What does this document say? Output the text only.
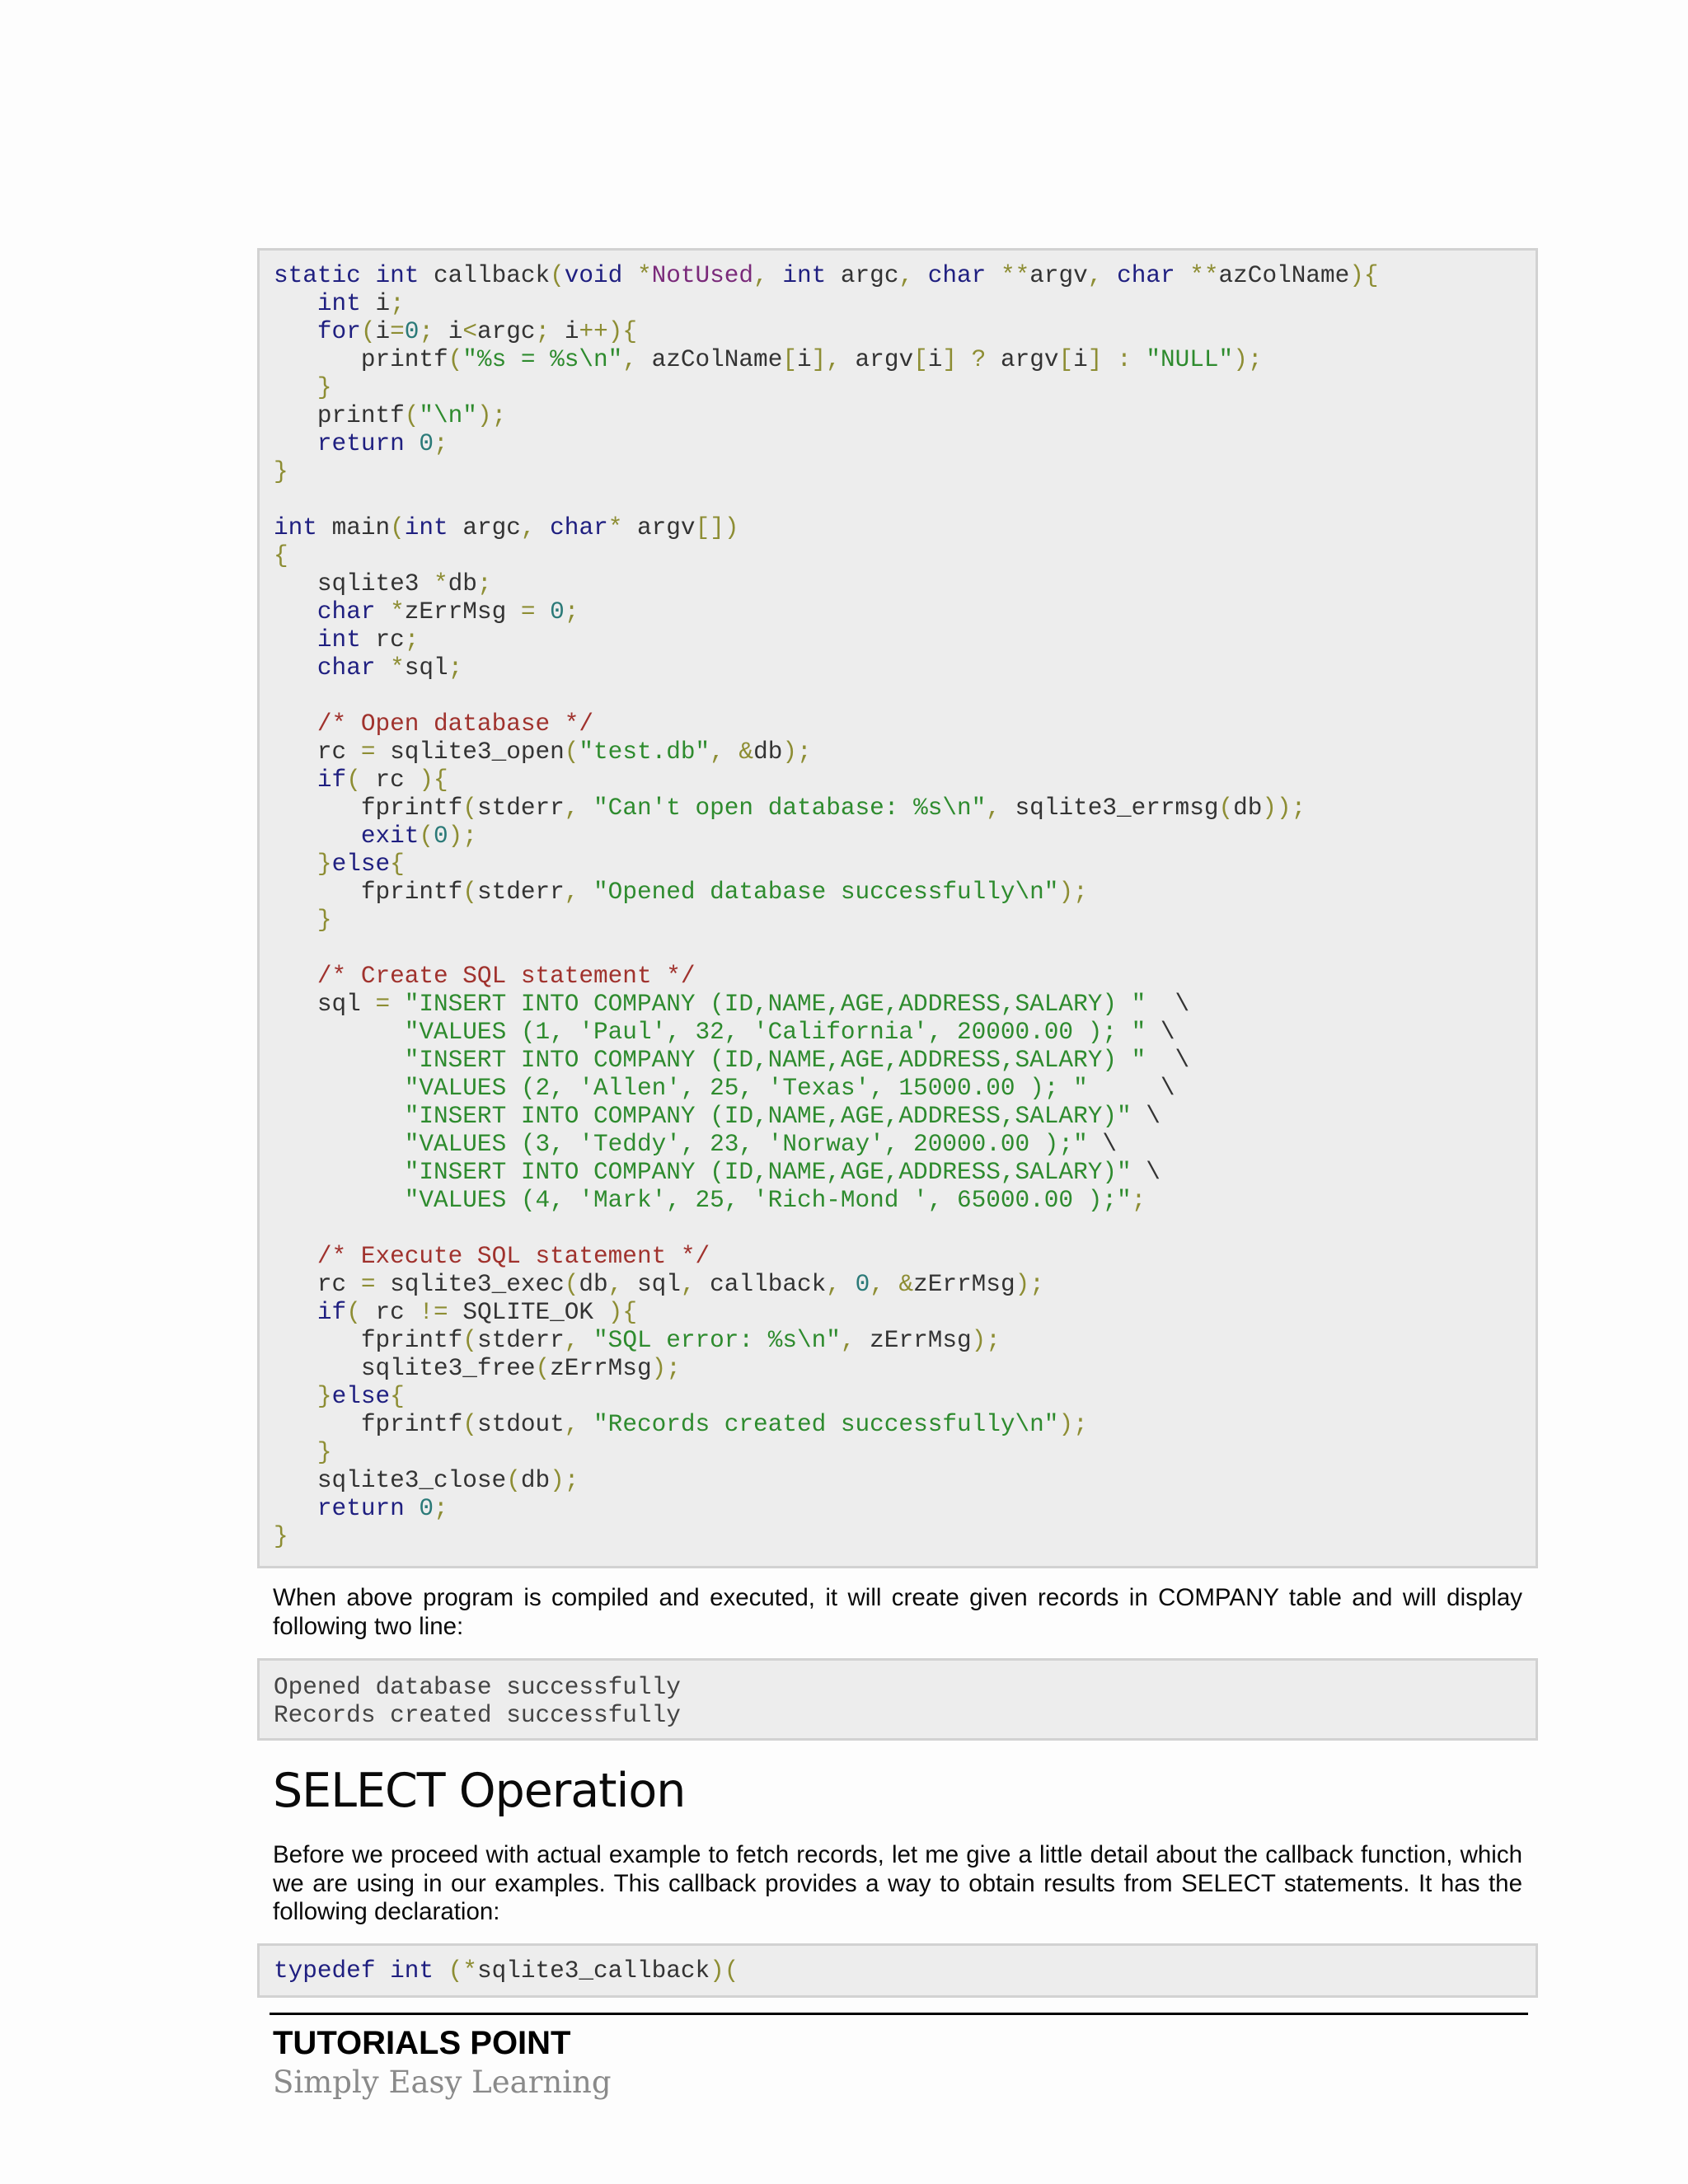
static int callback(void *NotUsed, int argc, char **argv, char **azColName){
int i;
for(i=0; i<argc; i++){
printf("%s = %s\n", azColName[i], argv[i] ? argv[i] : "NULL");
}
printf("\n");
return 0;
}

int main(int argc, char* argv[])
{
sqlite3 *db;
char *zErrMsg = 0;
int rc;
char *sql;

/* Open database */
rc = sqlite3_open("test.db", &db);
if( rc ){
fprintf(stderr, "Can't open database: %s\n", sqlite3_errmsg(db));
exit(0);
}else{
fprintf(stderr, "Opened database successfully\n");
}

/* Create SQL statement */
sql = "INSERT INTO COMPANY (ID,NAME,AGE,ADDRESS,SALARY) "  \
"VALUES (1, 'Paul', 32, 'California', 20000.00 ); " \
"INSERT INTO COMPANY (ID,NAME,AGE,ADDRESS,SALARY) "  \
"VALUES (2, 'Allen', 25, 'Texas', 15000.00 ); "     \
"INSERT INTO COMPANY (ID,NAME,AGE,ADDRESS,SALARY)" \
"VALUES (3, 'Teddy', 23, 'Norway', 20000.00 );" \
"INSERT INTO COMPANY (ID,NAME,AGE,ADDRESS,SALARY)" \
"VALUES (4, 'Mark', 25, 'Rich-Mond ', 65000.00 );";

/* Execute SQL statement */
rc = sqlite3_exec(db, sql, callback, 0, &zErrMsg);
if( rc != SQLITE_OK ){
fprintf(stderr, "SQL error: %s\n", zErrMsg);
sqlite3_free(zErrMsg);
}else{
fprintf(stdout, "Records created successfully\n");
}
sqlite3_close(db);
return 0;
}

When above program is compiled and executed, it will create given records in COMPANY table and will display following two line:

Opened database successfully
Records created successfully
SELECT Operation

Before we proceed with actual example to fetch records, let me give a little detail about the callback function, which we are using in our examples. This callback provides a way to obtain results from SELECT statements. It has the following declaration:

typedef int (*sqlite3_callback)(
TUTORIALS POINT
Simply Easy Learning
